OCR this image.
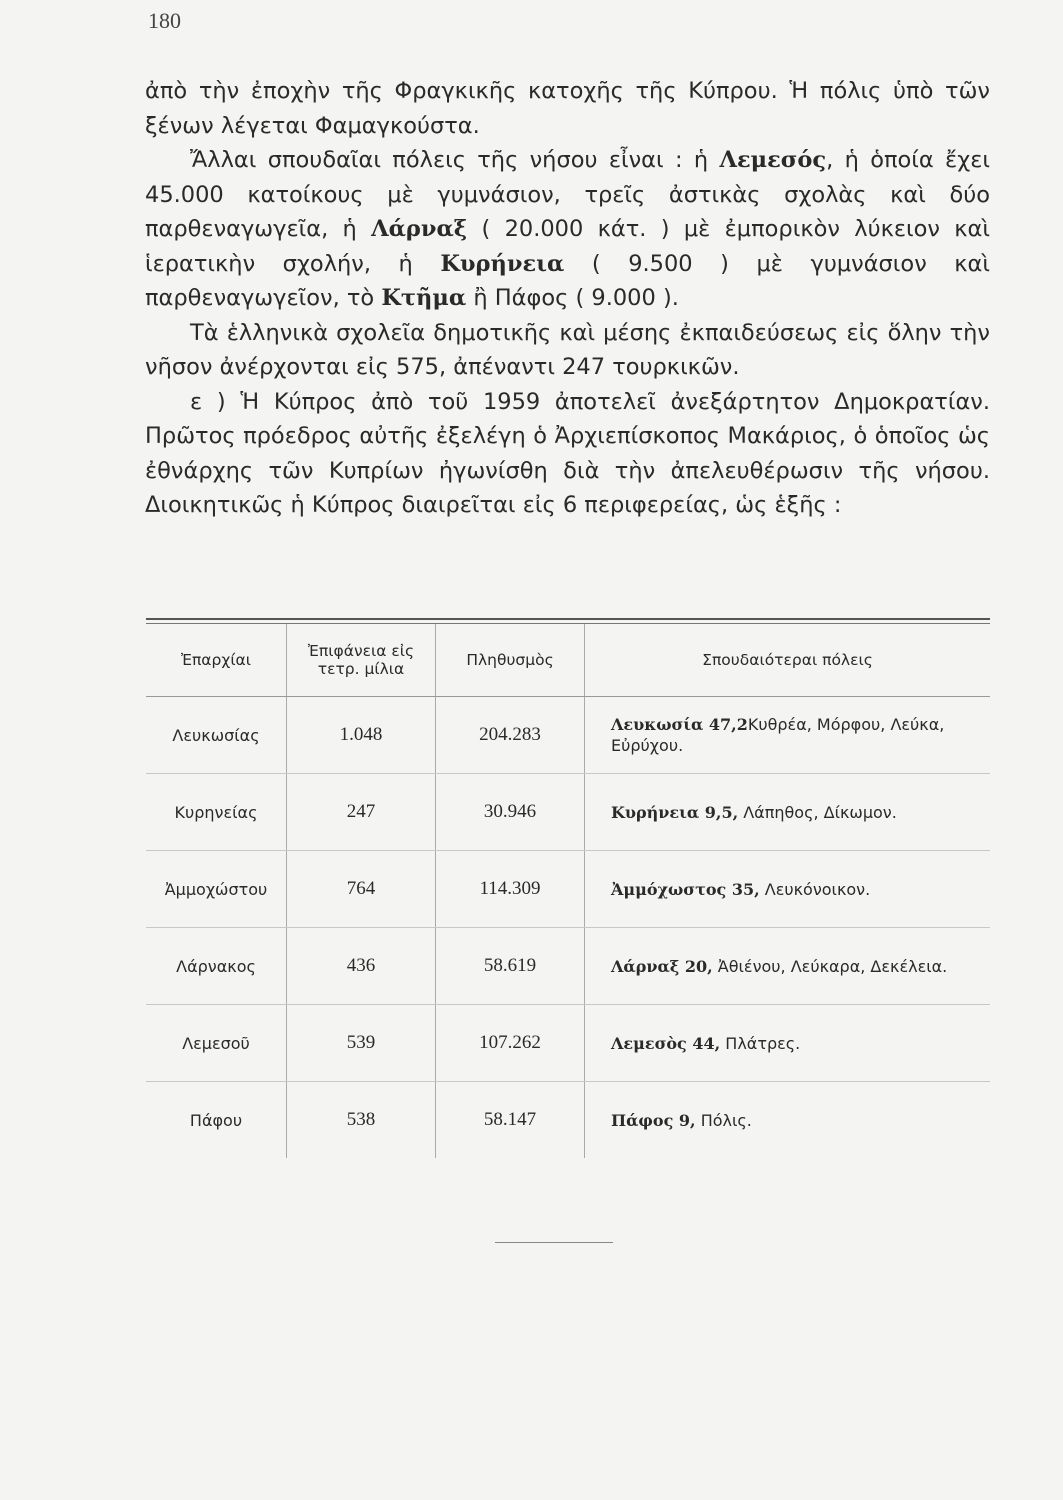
180

ἀπὸ τὴν ἐποχὴν τῆς Φραγκικῆς κατοχῆς τῆς Κύπρου. Ἡ πόλις ὑπὸ τῶν ξένων λέγεται Φαμαγκούστα.

Ἄλλαι σπουδαῖαι πόλεις τῆς νήσου εἶναι : ἡ Λεμεσός, ἡ ὁποία ἔχει 45.000 κατοίκους μὲ γυμνάσιον, τρεῖς ἀστικὰς σχολὰς καὶ δύο παρθεναγωγεῖα, ἡ Λάρναξ ( 20.000 κάτ. ) μὲ ἐμπορικὸν λύκειον καὶ ἱερατικὴν σχολήν, ἡ Κυρήνεια ( 9.500 ) μὲ γυμνάσιον καὶ παρθεναγωγεῖον, τὸ Κτῆμα ἢ Πάφος ( 9.000 ).

Τὰ ἑλληνικὰ σχολεῖα δημοτικῆς καὶ μέσης ἐκπαιδεύσεως εἰς ὅλην τὴν νῆσον ἀνέρχονται εἰς 575, ἀπέναντι 247 τουρκικῶν.

ε ) Ἡ Κύπρος ἀπὸ τοῦ 1959 ἀποτελεῖ ἀνεξάρτητον Δημοκρατίαν. Πρῶτος πρόεδρος αὐτῆς ἐξελέγη ὁ Ἀρχιεπίσκοπος Μακάριος, ὁ ὁποῖος ὡς ἐθνάρχης τῶν Κυπρίων ἠγωνίσθη διὰ τὴν ἀπελευθέρωσιν τῆς νήσου. Διοικητικῶς ἡ Κύπρος διαιρεῖται εἰς 6 περιφερείας, ὡς ἑξῆς :

Ἐπαρχίαι	Ἐπιφάνεια εἰς τετρ. μίλια	Πληθυσμὸς	Σπουδαιότεραι πόλεις
Λευκωσίας	1.048	204.283	Λευκωσία 47,2Κυθρέα, Μόρφου, Λεύκα, Εὐρύχου.
Κυρηνείας	247	30.946	Κυρήνεια 9,5, Λάπηθος, Δίκωμον.
Ἀμμοχώστου	764	114.309	Ἀμμόχωστος 35, Λευκόνοικον.
Λάρνακος	436	58.619	Λάρναξ 20, Ἀθιένου, Λεύκαρα, Δεκέλεια.
Λεμεσοῦ	539	107.262	Λεμεσὸς 44, Πλάτρες.
Πάφου	538	58.147	Πάφος 9, Πόλις.
